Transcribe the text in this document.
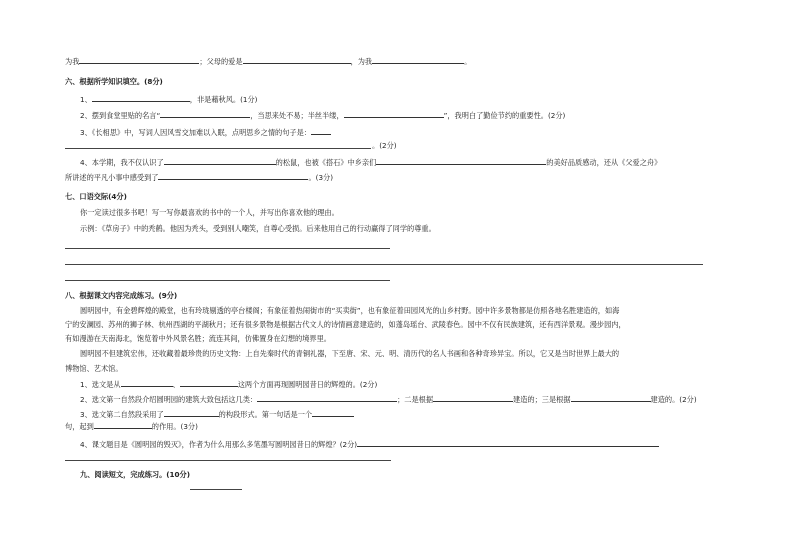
为我	；父母的爱是	，为我	。
六、根据所学知识填空。(8分)
1、	，非是藉秋风。(1分)
2、摆到食堂里贴的名言“	，当思来处不易；半丝半缕，	”，我明白了勤俭节约的重要性。(2分)
3、《长相思》中，写词人因风雪交加难以入眠，点明思乡之情的句子是：
。(2分)
4、本学期，我不仅认识了	的松鼠，也被《搭石》中乡亲们	的美好品质感动，还从《父爱之舟》
所讲述的平凡小事中感受到了	。(3分)
七、口语交际(4分)
你一定读过很多书吧！写一写你最喜欢的书中的一个人，并写出你喜欢他的理由。
示例：《草房子》中的秃鹤。他因为秃头，受到别人嘲笑，自尊心受损。后来他用自己的行动赢得了同学的尊重。
八、根据课文内容完成练习。(9分)
圆明园中，有金碧辉煌的殿堂，也有玲珑剔透的亭台楼阁；有象征着热闹街市的“买卖街”，也有象征着田园风光的山乡村野。园中许多景物都是仿照各地名胜建造的，如海
宁的安澜园、苏州的狮子林、杭州西湖的平湖秋月；还有很多景物是根据古代文人的诗情画意建造的，如蓬岛瑶台、武陵春色。园中不仅有民族建筑，还有西洋景观。漫步园内，
有如漫游在天南海北，饱览着中外风景名胜；流连其间，仿佛置身在幻想的境界里。
圆明园不但建筑宏伟，还收藏着最珍贵的历史文物：上自先秦时代的青铜礼器，下至唐、宋、元、明、清历代的名人书画和各种奇珍异宝。所以，它又是当时世界上最大的
博物馆、艺术馆。
1、选文是从	、	这两个方面再现圆明园昔日的辉煌的。(2分)
2、选文第一自然段介绍圆明园的建筑大致包括这几类：	；二是根据	建造的；三是根据	建造的。(2分)
3、选文第二自然段采用了	的构段形式。第一句话是一个
句，起到	的作用。(3分)
4、课文题目是《圆明园的毁灭》，作者为什么用那么多笔墨写圆明园昔日的辉煌？(2分)
九、阅读短文，完成练习。(10分)
